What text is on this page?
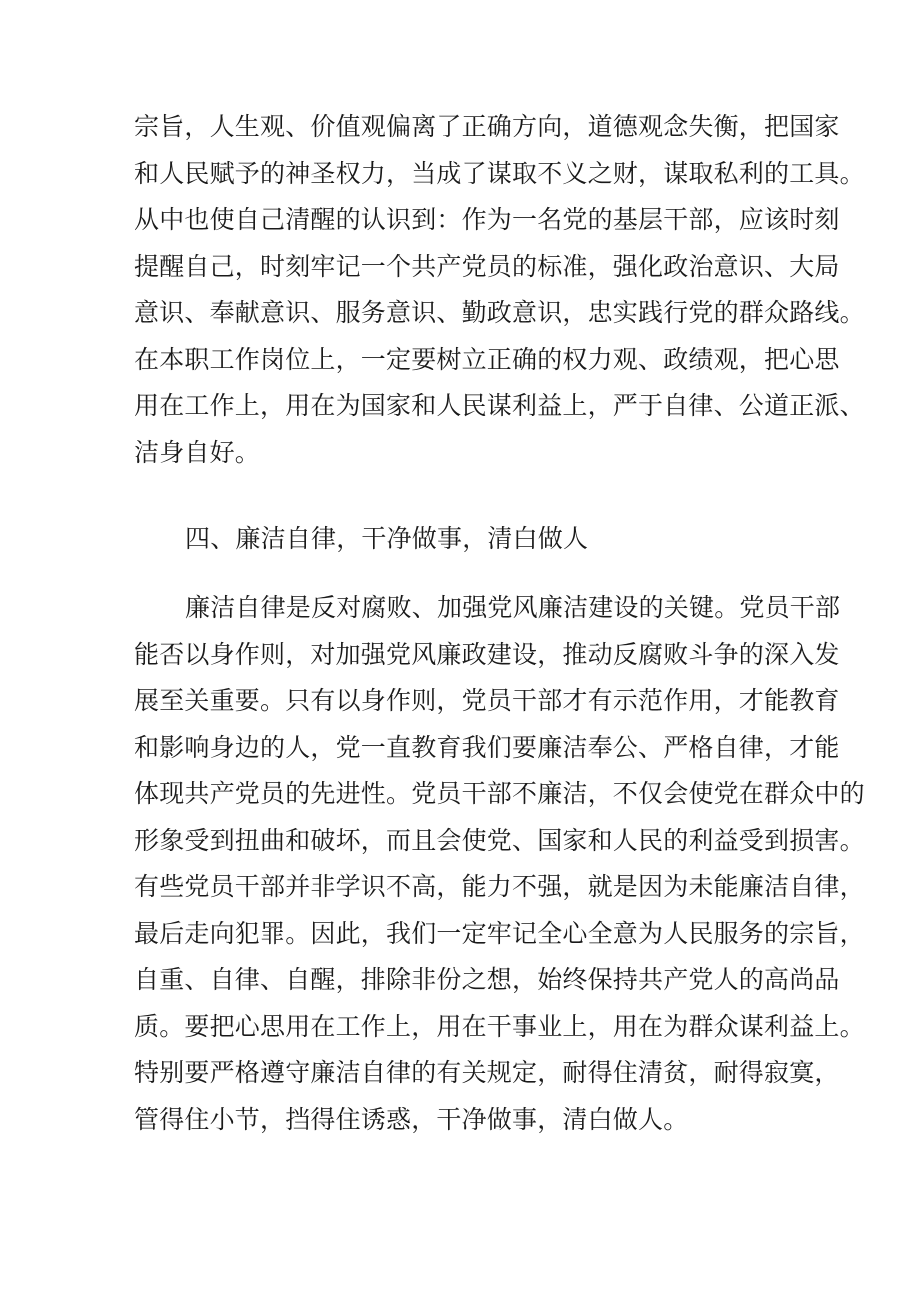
宗旨，人生观、价值观偏离了正确方向，道德观念失衡，把国家
和人民赋予的神圣权力，当成了谋取不义之财，谋取私利的工具。
从中也使自己清醒的认识到：作为一名党的基层干部，应该时刻
提醒自己，时刻牢记一个共产党员的标准，强化政治意识、大局
意识、奉献意识、服务意识、勤政意识，忠实践行党的群众路线。
在本职工作岗位上，一定要树立正确的权力观、政绩观，把心思
用在工作上，用在为国家和人民谋利益上，严于自律、公道正派、
洁身自好。
四、廉洁自律，干净做事，清白做人
廉洁自律是反对腐败、加强党风廉洁建设的关键。党员干部
能否以身作则，对加强党风廉政建设，推动反腐败斗争的深入发
展至关重要。只有以身作则，党员干部才有示范作用，才能教育
和影响身边的人，党一直教育我们要廉洁奉公、严格自律，才能
体现共产党员的先进性。党员干部不廉洁，不仅会使党在群众中的
形象受到扭曲和破坏，而且会使党、国家和人民的利益受到损害。
有些党员干部并非学识不高，能力不强，就是因为未能廉洁自律，
最后走向犯罪。因此，我们一定牢记全心全意为人民服务的宗旨，
自重、自律、自醒，排除非份之想，始终保持共产党人的高尚品
质。要把心思用在工作上，用在干事业上，用在为群众谋利益上。
特别要严格遵守廉洁自律的有关规定，耐得住清贫，耐得寂寞，
管得住小节，挡得住诱惑，干净做事，清白做人。
